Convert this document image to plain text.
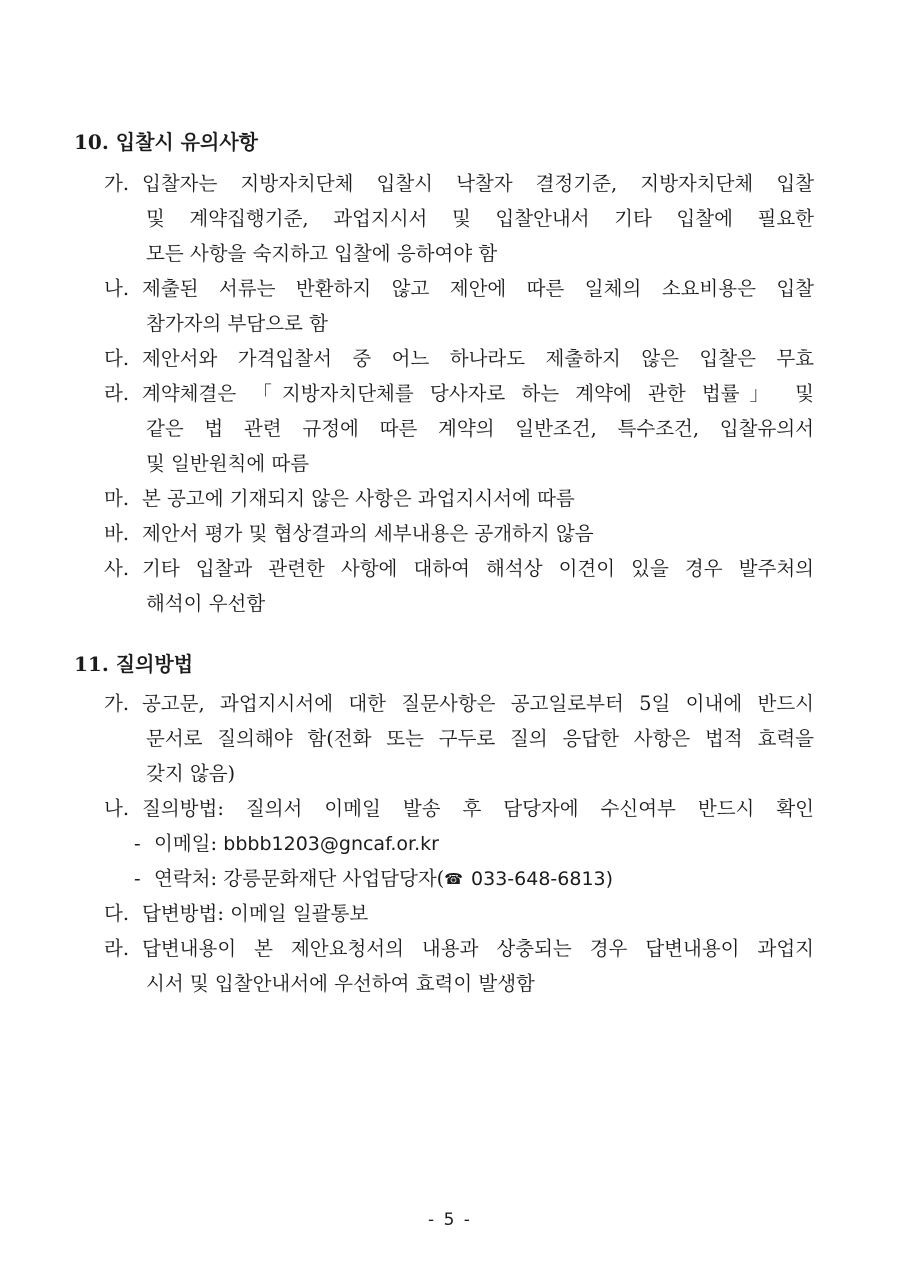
10. 입찰시 유의사항
가. 입찰자는 지방자치단체 입찰시 낙찰자 결정기준, 지방자치단체 입찰
및 계약집행기준, 과업지시서 및 입찰안내서 기타 입찰에 필요한
모든 사항을 숙지하고 입찰에 응하여야 함
나. 제출된 서류는 반환하지 않고 제안에 따른 일체의 소요비용은 입찰
참가자의 부담으로 함
다. 제안서와 가격입찰서 중 어느 하나라도 제출하지 않은 입찰은 무효
라. 계약체결은 「지방자치단체를 당사자로 하는 계약에 관한 법률」 및
같은 법 관련 규정에 따른 계약의 일반조건, 특수조건, 입찰유의서
및 일반원칙에 따름
마. 본 공고에 기재되지 않은 사항은 과업지시서에 따름
바. 제안서 평가 및 협상결과의 세부내용은 공개하지 않음
사. 기타 입찰과 관련한 사항에 대하여 해석상 이견이 있을 경우 발주처의
해석이 우선함
11. 질의방법
가. 공고문, 과업지시서에 대한 질문사항은 공고일로부터 5일 이내에 반드시
문서로 질의해야 함(전화 또는 구두로 질의 응답한 사항은 법적 효력을
갖지 않음)
나. 질의방법: 질의서 이메일 발송 후 담당자에 수신여부 반드시 확인
- 이메일: bbbb1203@gncaf.or.kr
- 연락처: 강릉문화재단 사업담당자(☎ 033-648-6813)
다. 답변방법: 이메일 일괄통보
라. 답변내용이 본 제안요청서의 내용과 상충되는 경우 답변내용이 과업지
시서 및 입찰안내서에 우선하여 효력이 발생함
- 5 -
